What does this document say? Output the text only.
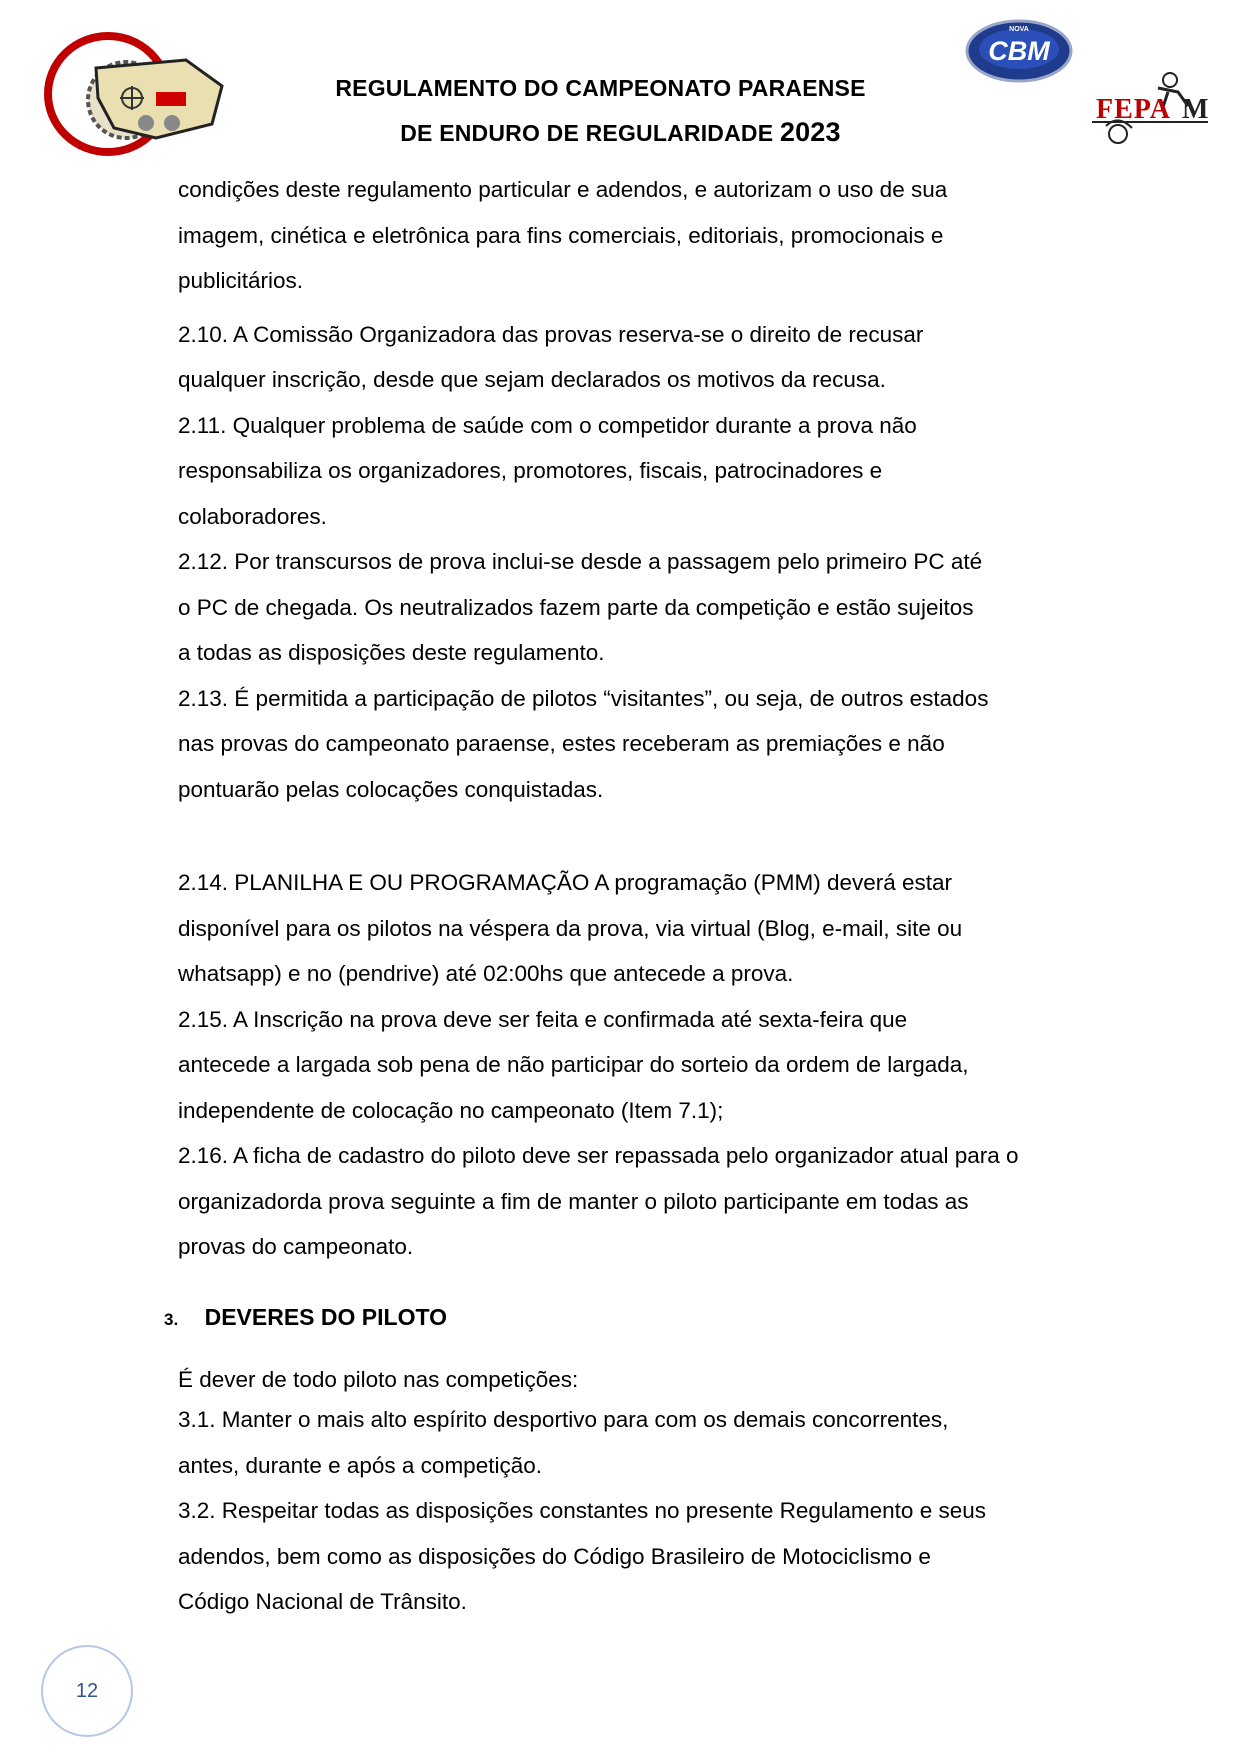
CBM
NOVA
FEPA M
REGULAMENTO DO CAMPEONATO PARAENSE
DE ENDURO DE REGULARIDADE 2023

condições deste regulamento particular e adendos, e autorizam o uso de sua

imagem, cinética e eletrônica para fins comerciais, editoriais, promocionais e

publicitários.

2.10. A Comissão Organizadora das provas reserva-se o direito de recusar

qualquer inscrição, desde que sejam declarados os motivos da recusa.

2.11. Qualquer problema de saúde com o competidor durante a prova não

responsabiliza os organizadores, promotores, fiscais, patrocinadores e

colaboradores.

2.12. Por transcursos de prova inclui-se desde a passagem pelo primeiro PC até

o PC de chegada. Os neutralizados fazem parte da competição e estão sujeitos

a todas as disposições deste regulamento.

2.13. É permitida a participação de pilotos “visitantes”, ou seja, de outros estados

nas provas do campeonato paraense, estes receberam as premiações e não

pontuarão pelas colocações conquistadas.

2.14. PLANILHA E OU PROGRAMAÇÃO A programação (PMM) deverá estar

disponível para os pilotos na véspera da prova, via virtual (Blog, e-mail, site ou

whatsapp) e no (pendrive) até 02:00hs que antecede a prova.

2.15. A Inscrição na prova deve ser feita e confirmada até sexta-feira que

antecede a largada sob pena de não participar do sorteio da ordem de largada,

independente de colocação no campeonato (Item 7.1);

2.16. A ficha de cadastro do piloto deve ser repassada pelo organizador atual para o

organizadorda prova seguinte a fim de manter o piloto participante em todas as

provas do campeonato.

3. DEVERES DO PILOTO

É dever de todo piloto nas competições:

3.1. Manter o mais alto espírito desportivo para com os demais concorrentes,

antes, durante e após a competição.

3.2. Respeitar todas as disposições constantes no presente Regulamento e seus

adendos, bem como as disposições do Código Brasileiro de Motociclismo e

Código Nacional de Trânsito.

12
